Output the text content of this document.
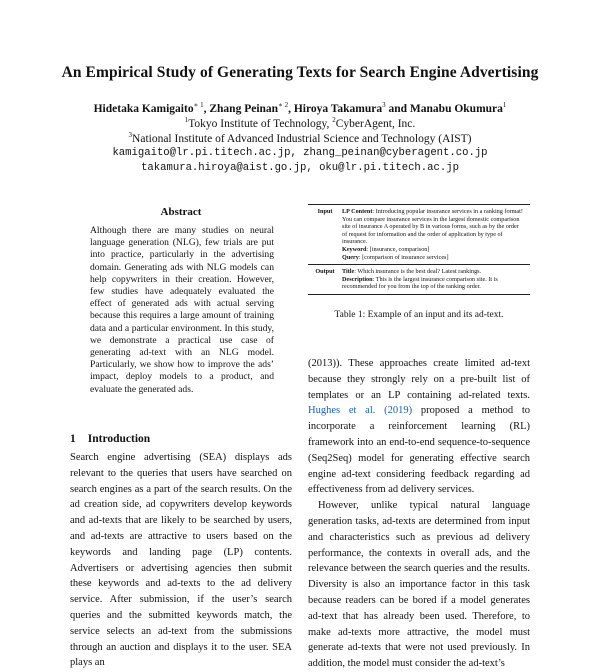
An Empirical Study of Generating Texts for Search Engine Advertising
Hidetaka Kamigaito$^{∗ 1}$, Zhang Peinan$^{∗ 2}$, Hiroya Takamura$^3$ and Manabu Okumura$^1$
$^1$Tokyo Institute of Technology, $^2$CyberAgent, Inc.
$^3$National Institute of Advanced Industrial Science and Technology (AIST)
kamigaito@lr.pi.titech.ac.jp, zhang_peinan@cyberagent.co.jp
takamura.hiroya@aist.go.jp, oku@lr.pi.titech.ac.jp
Abstract
Although there are many studies on neural language generation (NLG), few trials are put into practice, particularly in the advertising domain. Generating ads with NLG models can help copywriters in their creation. However, few studies have adequately evaluated the effect of generated ads with actual serving because this requires a large amount of training data and a particular environment. In this study, we demonstrate a practical use case of generating ad-text with an NLG model. Particularly, we show how to improve the ads’ impact, deploy models to a product, and evaluate the generated ads.
1 Introduction

Search engine advertising (SEA) displays ads relevant to the queries that users have searched on search engines as a part of the search results. On the ad creation side, ad copywriters develop keywords and ad-texts that are likely to be searched by users, and ad-texts are attractive to users based on the keywords and landing page (LP) contents. Advertisers or advertising agencies then submit these keywords and ad-texts to the ad delivery service. After submission, if the user’s search queries and the submitted keywords match, the service selects an ad-text from the submissions through an auction and displays it to the user. SEA plays an

Input	LP Content: Introducing popular insurance services in a ranking format! You can compare insurance services in the largest domestic comparison site of insurance A operated by B in various forms, such as by the order of request for information and the order of application by type of insurance.
Keyword: [insurance, comparison]
Query: [comparison of insurance services]
Output	Title: Which insurance is the best deal? Latest rankings.
Description: This is the largest insurance comparison site. It is recommended for you from the top of the ranking order.
Table 1: Example of an input and its ad-text.

(2013)). These approaches create limited ad-text because they strongly rely on a pre-built list of templates or an LP containing ad-related texts. Hughes et al. (2019) proposed a method to incorporate a reinforcement learning (RL) framework into an end-to-end sequence-to-sequence (Seq2Seq) model for generating effective search engine ad-text considering feedback regarding ad effectiveness from ad delivery services.

However, unlike typical natural language generation tasks, ad-texts are determined from input and characteristics such as previous ad delivery performance, the contexts in overall ads, and the relevance between the search queries and the results. Diversity is also an importance factor in this task because readers can be bored if a model generates ad-text that has already been used. Therefore, to make ad-texts more attractive, the model must generate ad-texts that were not used previously. In addition, the model must consider the ad-text’s
